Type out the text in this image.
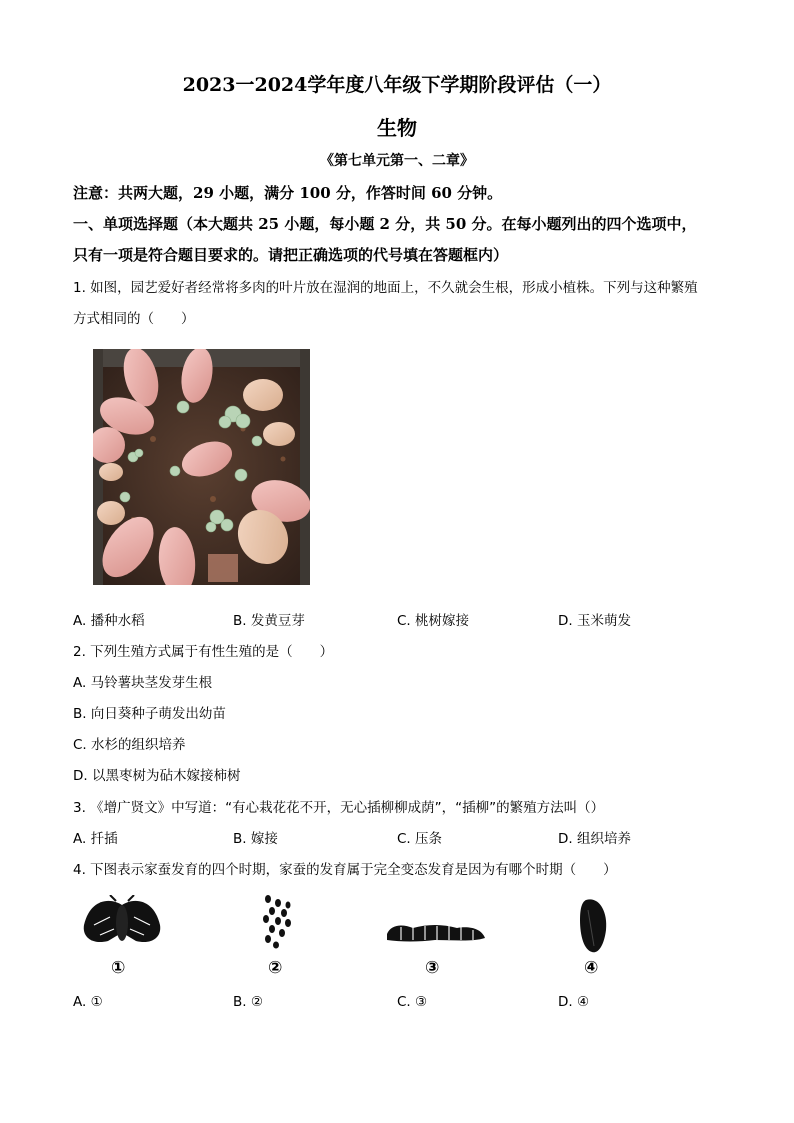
2023一2024学年度八年级下学期阶段评估（一）
生物
《第七单元第一、二章》
注意：共两大题，29 小题，满分 100 分，作答时间 60 分钟。
一、单项选择题（本大题共 25 小题，每小题 2 分，共 50 分。在每小题列出的四个选项中，
只有一项是符合题目要求的。请把正确选项的代号填在答题框内）
1. 如图，园艺爱好者经常将多肉的叶片放在湿润的地面上，不久就会生根，形成小植株。下列与这种繁殖
方式相同的（　　）
A. 播种水稻	B. 发黄豆芽	C. 桃树嫁接	D. 玉米萌发
2. 下列生殖方式属于有性生殖的是（　　）
A. 马铃薯块茎发芽生根
B. 向日葵种子萌发出幼苗
C. 水杉的组织培养
D. 以黑枣树为砧木嫁接柿树
3. 《增广贤文》中写道：“有心栽花花不开，无心插柳柳成荫”，“插柳”的繁殖方法叫（）
A. 扦插	B. 嫁接	C. 压条	D. 组织培养
4. 下图表示家蚕发育的四个时期，家蚕的发育属于完全变态发育是因为有哪个时期（　　）
①	②	③	④
A. ①	B. ②	C. ③	D. ④
